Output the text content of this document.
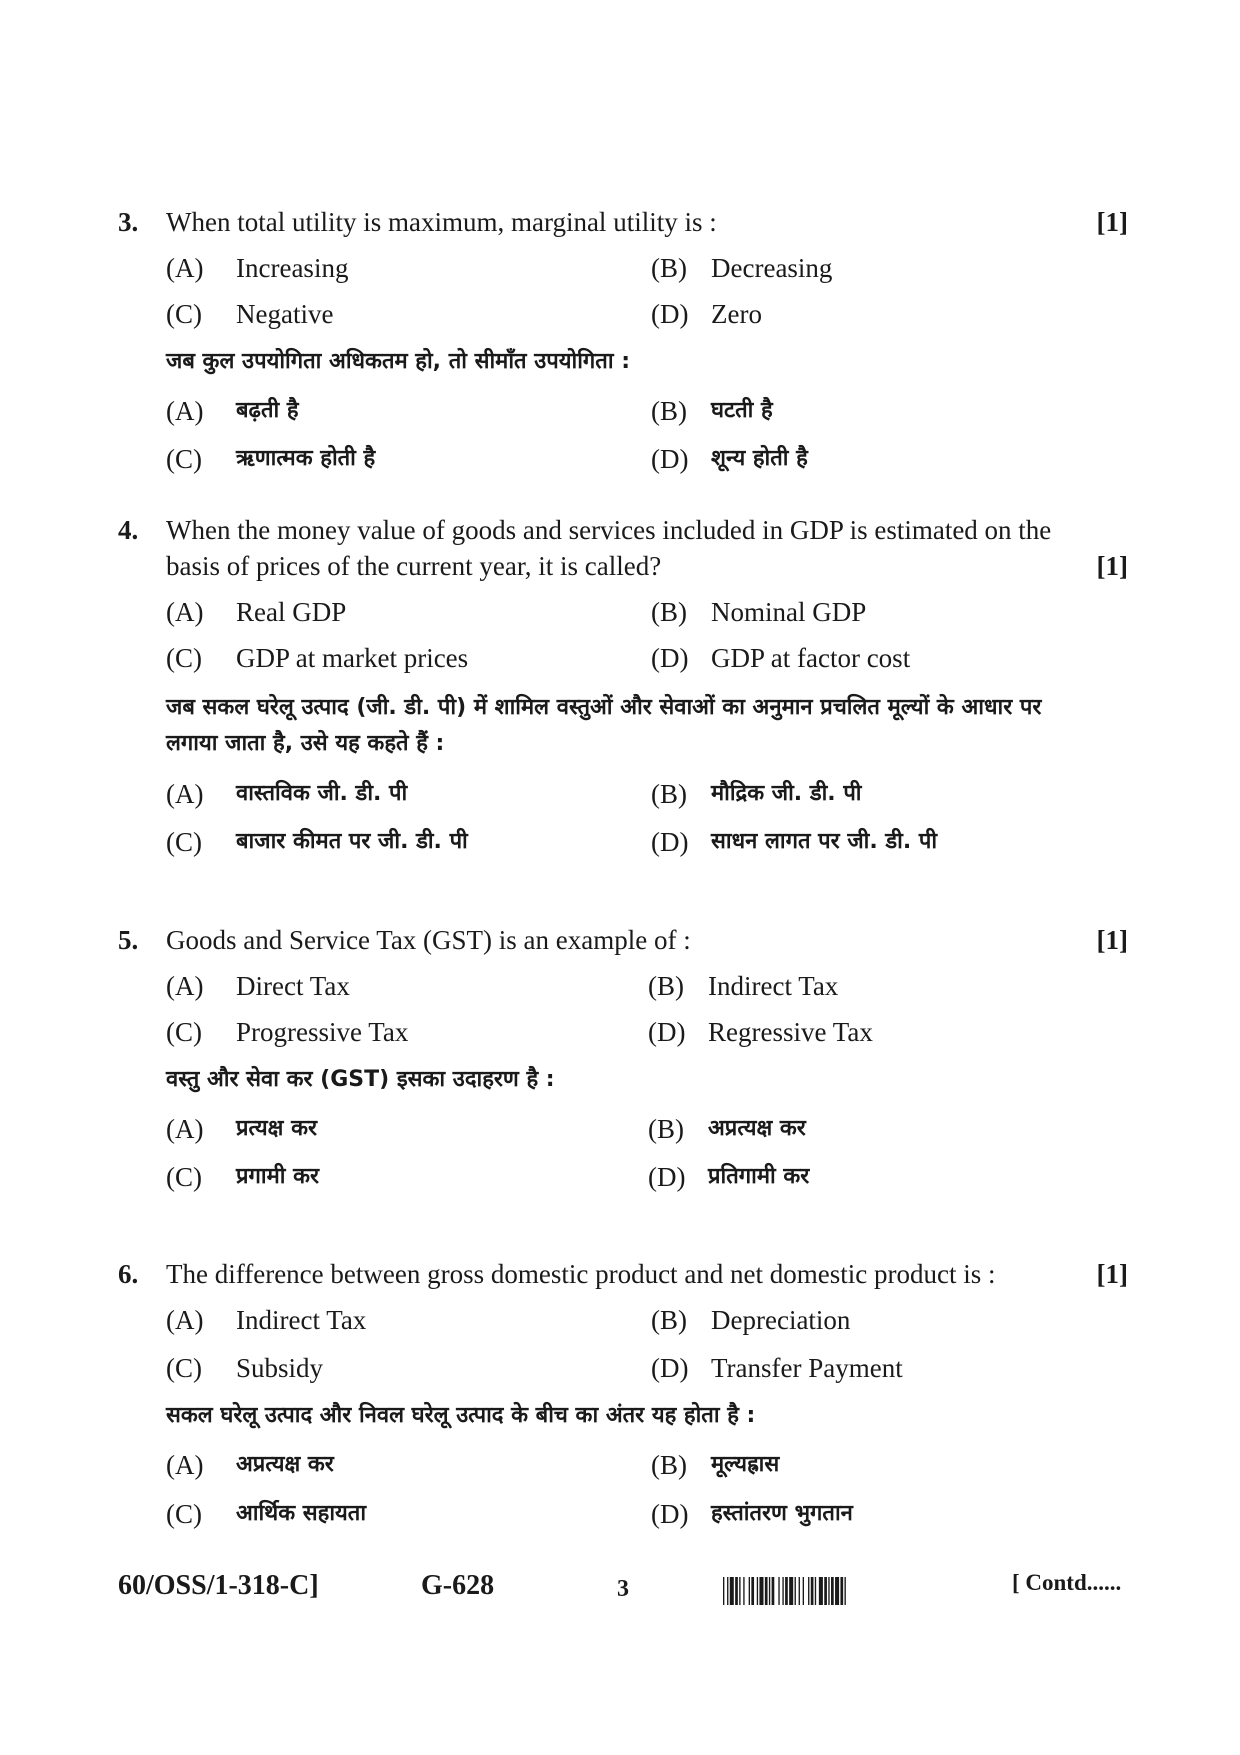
3. When total utility is maximum, marginal utility is :	[1]
(A) Increasing	(B) Decreasing
(C) Negative	(D) Zero
जब कुल उपयोगिता अधिकतम हो, तो सीमाँत उपयोगिता :
(A) बढ़ती है	(B) घटती है
(C) ऋणात्मक होती है	(D) शून्य होती है
4. When the money value of goods and services included in GDP is estimated on the
basis of prices of the current year, it is called?	[1]
(A) Real GDP	(B) Nominal GDP
(C) GDP at market prices	(D) GDP at factor cost
जब सकल घरेलू उत्पाद (जी. डी. पी) में शामिल वस्तुओं और सेवाओं का अनुमान प्रचलित मूल्यों के आधार पर
लगाया जाता है, उसे यह कहते हैं :
(A) वास्तविक जी. डी. पी	(B) मौद्रिक जी. डी. पी
(C) बाजार कीमत पर जी. डी. पी	(D) साधन लागत पर जी. डी. पी
5. Goods and Service Tax (GST) is an example of :	[1]
(A) Direct Tax	(B) Indirect Tax
(C) Progressive Tax	(D) Regressive Tax
वस्तु और सेवा कर (GST) इसका उदाहरण है :
(A) प्रत्यक्ष कर	(B) अप्रत्यक्ष कर
(C) प्रगामी कर	(D) प्रतिगामी कर
6. The difference between gross domestic product and net domestic product is :	[1]
(A) Indirect Tax	(B) Depreciation
(C) Subsidy	(D) Transfer Payment
सकल घरेलू उत्पाद और निवल घरेलू उत्पाद के बीच का अंतर यह होता है :
(A) अप्रत्यक्ष कर	(B) मूल्यह्रास
(C) आर्थिक सहायता	(D) हस्तांतरण भुगतान
60/OSS/1-318-C]	G-628	3	[ Contd......
